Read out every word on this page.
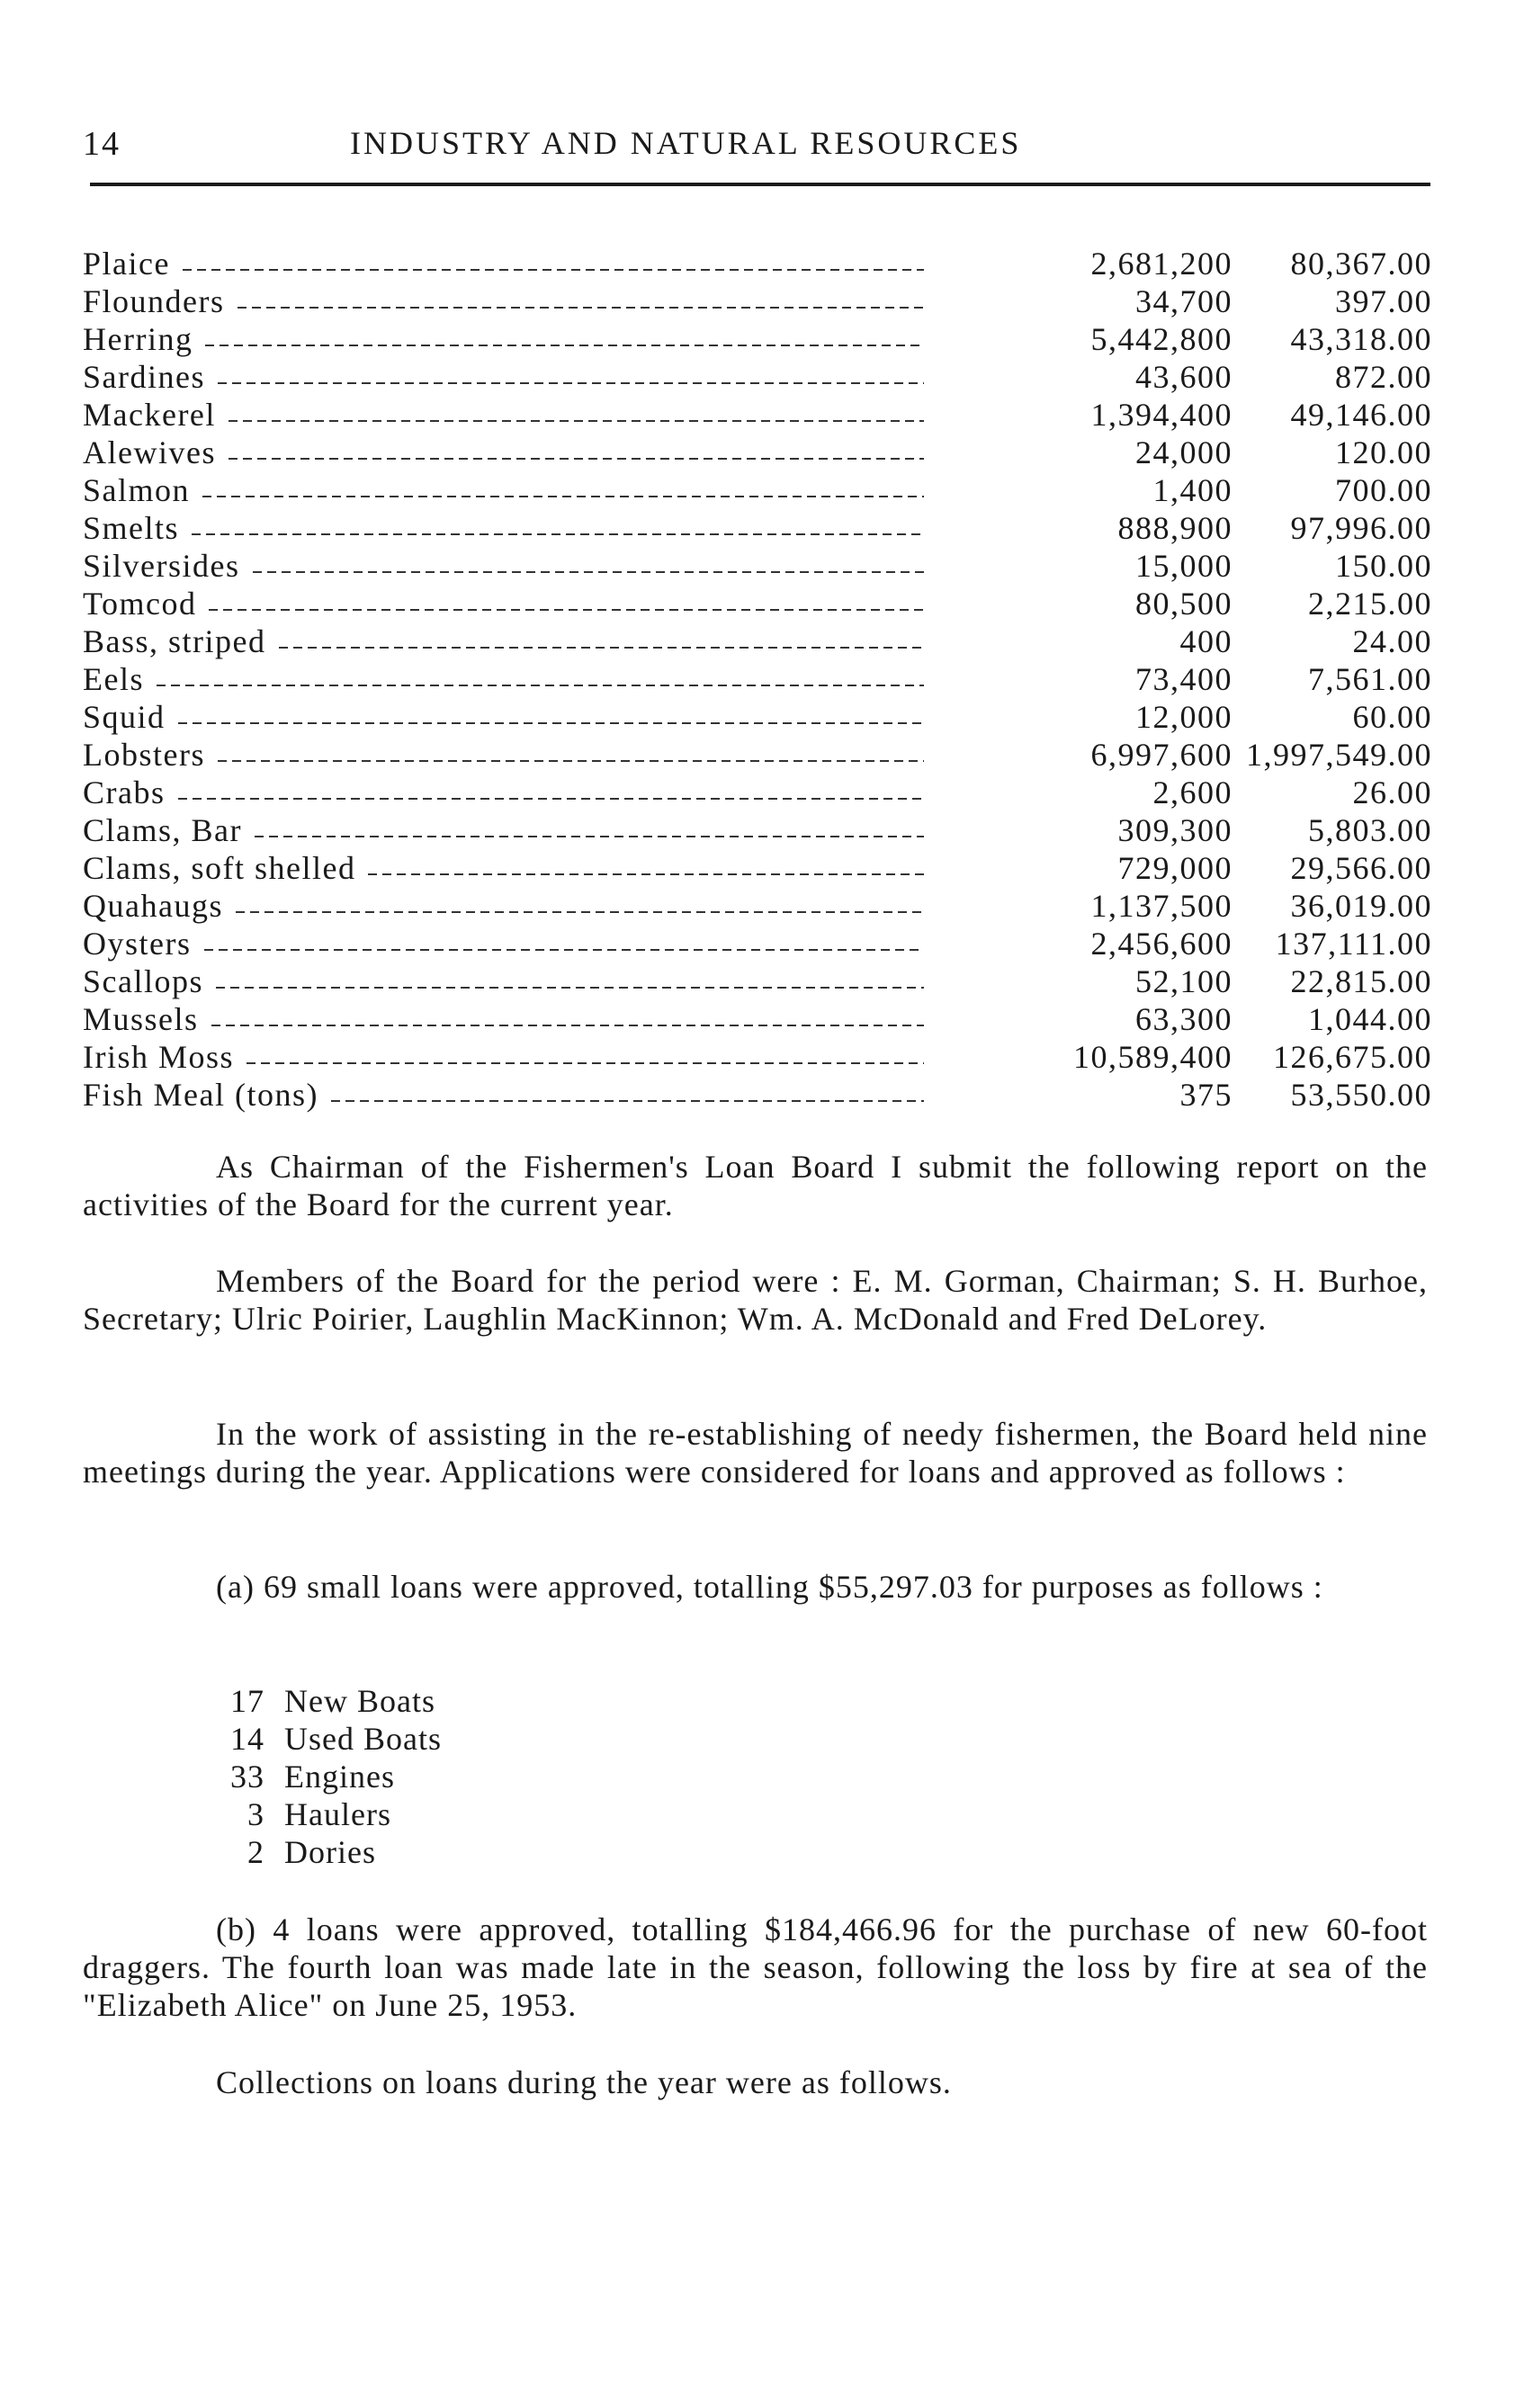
14	INDUSTRY AND NATURAL RESOURCES
Plaice	2,681,200	80,367.00
Flounders	34,700	397.00
Herring	5,442,800	43,318.00
Sardines	43,600	872.00
Mackerel	1,394,400	49,146.00
Alewives	24,000	120.00
Salmon	1,400	700.00
Smelts	888,900	97,996.00
Silversides	15,000	150.00
Tomcod	80,500	2,215.00
Bass, striped	400	24.00
Eels	73,400	7,561.00
Squid	12,000	60.00
Lobsters	6,997,600 1,997,549.00
Crabs	2,600	26.00
Clams, Bar	309,300	5,803.00
Clams, soft shelled	729,000	29,566.00
Quahaugs	1,137,500	36,019.00
Oysters	2,456,600	137,111.00
Scallops	52,100	22,815.00
Mussels	63,300	1,044.00
Irish Moss	10,589,400	126,675.00
Fish Meal (tons)	375	53,550.00

As Chairman of the Fishermen's Loan Board I submit the following report on the activities of the Board for the current year.

Members of the Board for the period were : E. M. Gorman, Chairman; S. H. Burhoe, Secretary; Ulric Poirier, Laughlin MacKinnon; Wm. A. McDonald and Fred DeLorey.

In the work of assisting in the re-establishing of needy fishermen, the Board held nine meetings during the year. Applications were considered for loans and approved as follows :

(a) 69 small loans were approved, totalling $55,297.03 for purposes as follows :

17 New Boats
14 Used Boats
33 Engines
3 Haulers
2 Dories

(b) 4 loans were approved, totalling $184,466.96 for the purchase of new 60-foot draggers. The fourth loan was made late in the season, following the loss by fire at sea of the "Elizabeth Alice" on June 25, 1953.

Collections on loans during the year were as follows.
